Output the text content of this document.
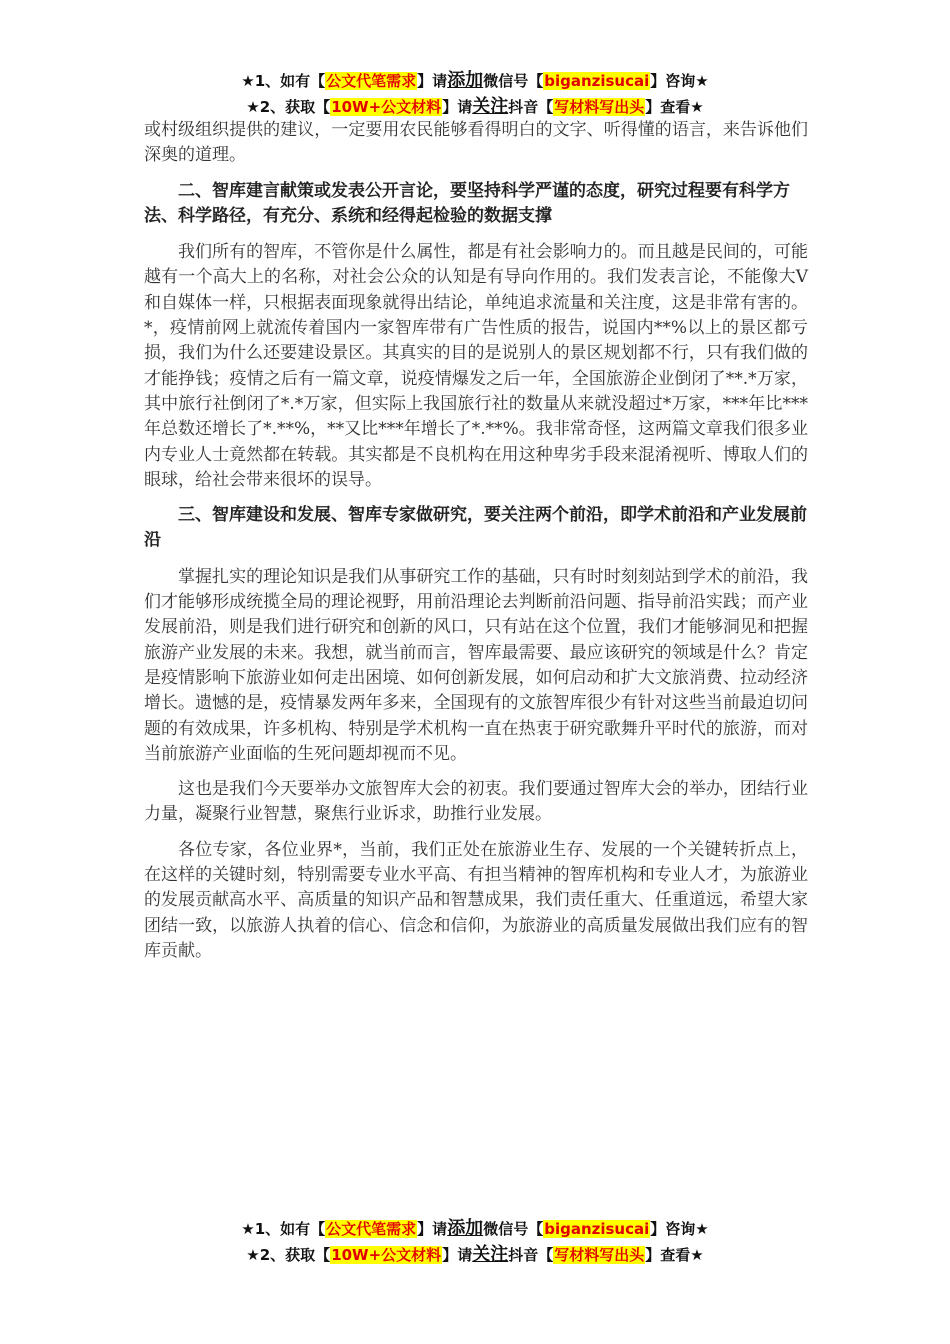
★1、如有【公文代笔需求】请添加微信号【biganzisucai】咨询★
★2、获取【10W+公文材料】请关注抖音【写材料写出头】查看★

或村级组织提供的建议，一定要用农民能够看得明白的文字、听得懂的语言，来告诉他们深奥的道理。

二、智库建言献策或发表公开言论，要坚持科学严谨的态度，研究过程要有科学方法、科学路径，有充分、系统和经得起检验的数据支撑

我们所有的智库，不管你是什么属性，都是有社会影响力的。而且越是民间的，可能越有一个高大上的名称，对社会公众的认知是有导向作用的。我们发表言论，不能像大V和自媒体一样，只根据表面现象就得出结论，单纯追求流量和关注度，这是非常有害的。*，疫情前网上就流传着国内一家智库带有广告性质的报告，说国内**%以上的景区都亏损，我们为什么还要建设景区。其真实的目的是说别人的景区规划都不行，只有我们做的才能挣钱；疫情之后有一篇文章，说疫情爆发之后一年，全国旅游企业倒闭了**.*万家，其中旅行社倒闭了*.*万家，但实际上我国旅行社的数量从来就没超过*万家，***年比***年总数还增长了*.**%，**又比***年增长了*.**%。我非常奇怪，这两篇文章我们很多业内专业人士竟然都在转载。其实都是不良机构在用这种卑劣手段来混淆视听、博取人们的眼球，给社会带来很坏的误导。

三、智库建设和发展、智库专家做研究，要关注两个前沿，即学术前沿和产业发展前沿

掌握扎实的理论知识是我们从事研究工作的基础，只有时时刻刻站到学术的前沿，我们才能够形成统揽全局的理论视野，用前沿理论去判断前沿问题、指导前沿实践；而产业发展前沿，则是我们进行研究和创新的风口，只有站在这个位置，我们才能够洞见和把握旅游产业发展的未来。我想，就当前而言，智库最需要、最应该研究的领域是什么？肯定是疫情影响下旅游业如何走出困境、如何创新发展，如何启动和扩大文旅消费、拉动经济增长。遗憾的是，疫情暴发两年多来，全国现有的文旅智库很少有针对这些当前最迫切问题的有效成果，许多机构、特别是学术机构一直在热衷于研究歌舞升平时代的旅游，而对当前旅游产业面临的生死问题却视而不见。

这也是我们今天要举办文旅智库大会的初衷。我们要通过智库大会的举办，团结行业力量，凝聚行业智慧，聚焦行业诉求，助推行业发展。

各位专家，各位业界*，当前，我们正处在旅游业生存、发展的一个关键转折点上，在这样的关键时刻，特别需要专业水平高、有担当精神的智库机构和专业人才，为旅游业的发展贡献高水平、高质量的知识产品和智慧成果，我们责任重大、任重道远，希望大家团结一致，以旅游人执着的信心、信念和信仰，为旅游业的高质量发展做出我们应有的智库贡献。

★1、如有【公文代笔需求】请添加微信号【biganzisucai】咨询★
★2、获取【10W+公文材料】请关注抖音【写材料写出头】查看★
